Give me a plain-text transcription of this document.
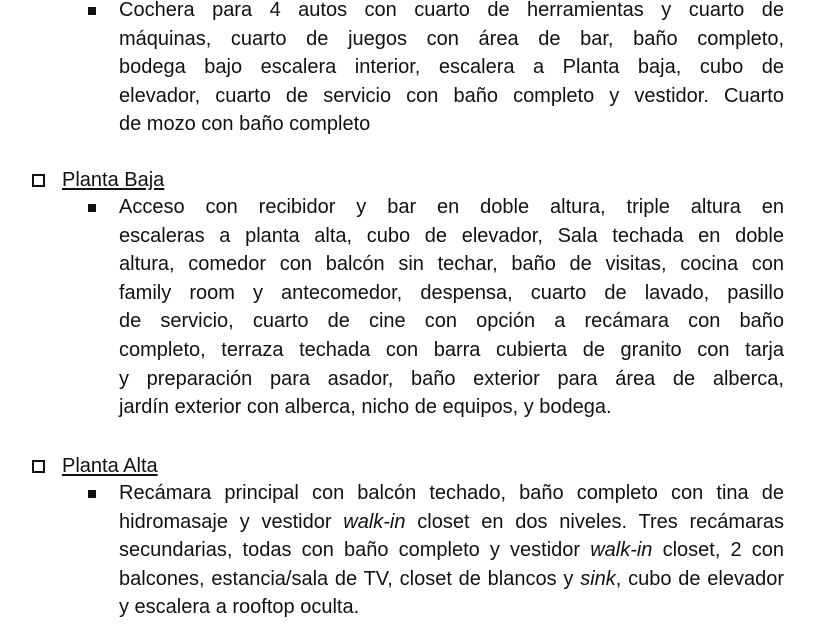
Cochera para 4 autos con cuarto de herramientas y cuarto de
máquinas, cuarto de juegos con área de bar, baño completo,
bodega bajo escalera interior, escalera a Planta baja, cubo de
elevador, cuarto de servicio con baño completo y vestidor. Cuarto
de mozo con baño completo

Planta Baja

Acceso con recibidor y bar en doble altura, triple altura en
escaleras a planta alta, cubo de elevador, Sala techada en doble
altura, comedor con balcón sin techar, baño de visitas, cocina con
family room y antecomedor, despensa, cuarto de lavado, pasillo
de servicio, cuarto de cine con opción a recámara con baño
completo, terraza techada con barra cubierta de granito con tarja
y preparación para asador, baño exterior para área de alberca,
jardín exterior con alberca, nicho de equipos, y bodega.

Planta Alta

Recámara principal con balcón techado, baño completo con tina de hidromasaje y vestidor walk-in closet en dos niveles. Tres recámaras secundarias, todas con baño completo y vestidor walk-in closet, 2 con balcones, estancia/sala de TV, closet de blancos y sink, cubo de elevador y escalera a rooftop oculta.
